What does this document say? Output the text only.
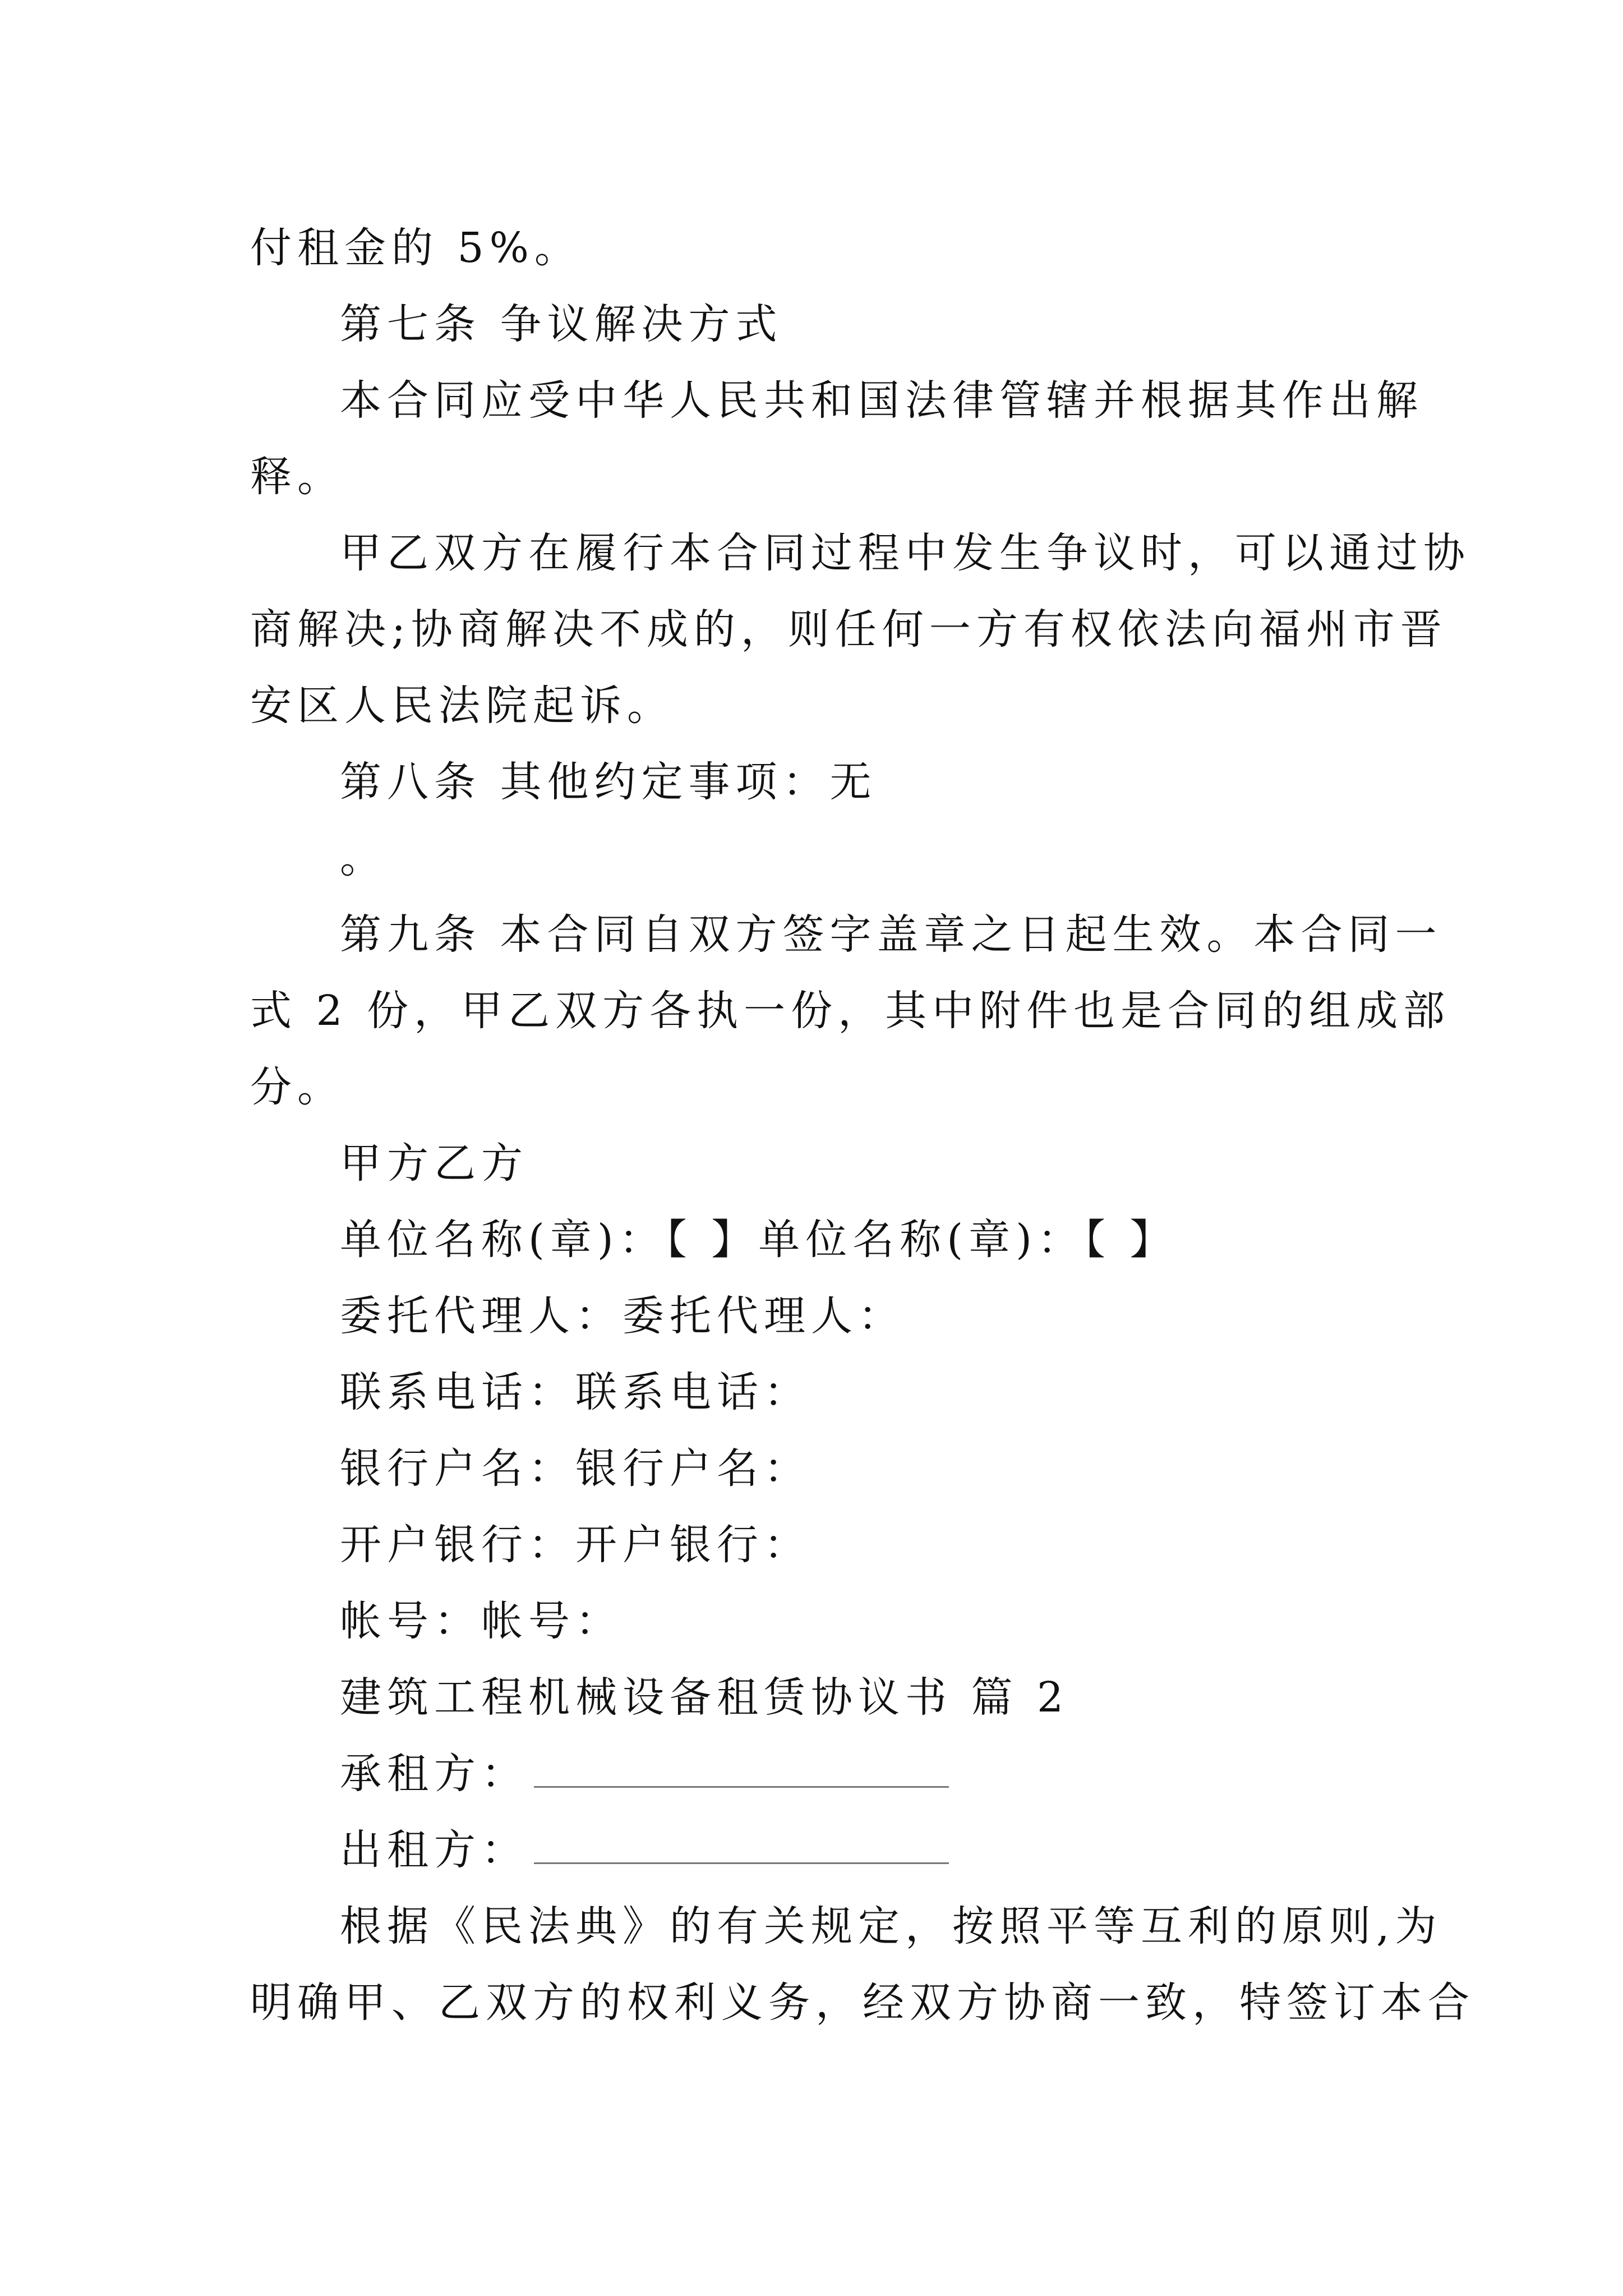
付租金的 5%。
第七条 争议解决方式
本合同应受中华人民共和国法律管辖并根据其作出解
释。
甲乙双方在履行本合同过程中发生争议时，可以通过协
商解决;协商解决不成的，则任何一方有权依法向福州市晋
安区人民法院起诉。
第八条 其他约定事项：无
。
第九条 本合同自双方签字盖章之日起生效。本合同一
式 2 份，甲乙双方各执一份，其中附件也是合同的组成部
分。
甲方乙方
单位名称(章)：【 】单位名称(章)：【 】
委托代理人：委托代理人：
联系电话：联系电话：
银行户名：银行户名：
开户银行：开户银行：
帐号：帐号：
建筑工程机械设备租赁协议书 篇 2
承租方：
出租方：
根据《民法典》的有关规定，按照平等互利的原则,为
明确甲、乙双方的权利义务，经双方协商一致，特签订本合
